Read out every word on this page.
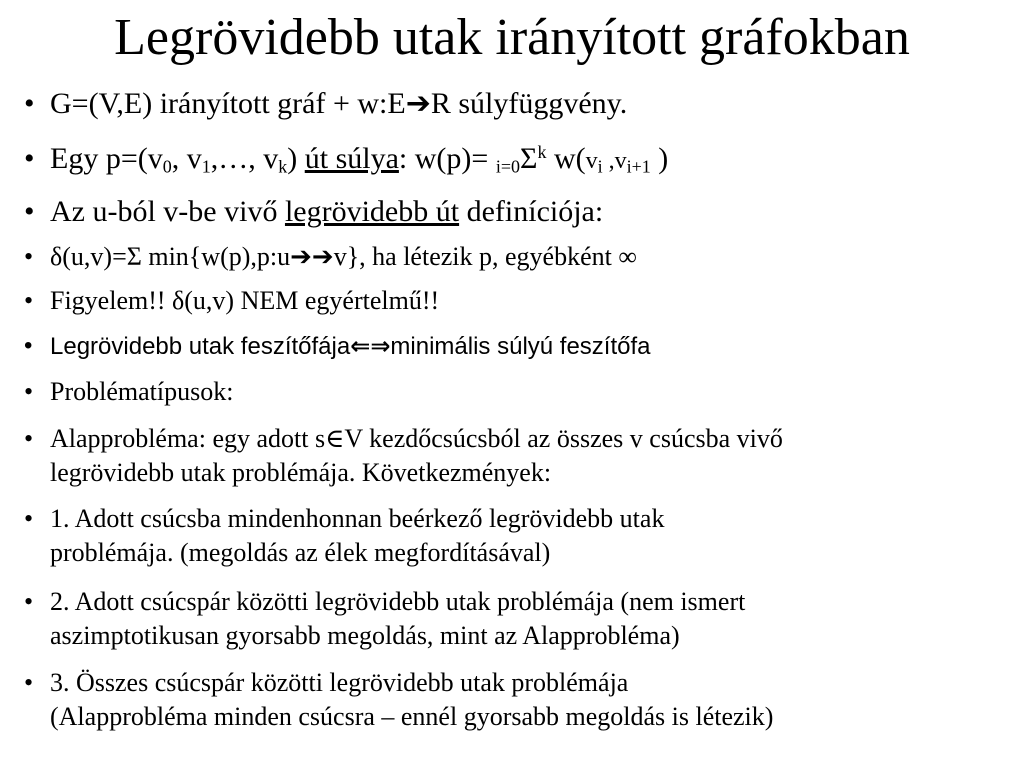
Legrövidebb utak irányított gráfokban
• G=(V,E) irányított gráf + w:E➔R súlyfüggvény.
• Egy $p=(v_0$, $v_1,\dots$, $v_k$) út súlya: $w(p)= _{i=0}\Sigma^k$ $w(v_i$ $,v_{i+1}$ )
• Az u-ból v-be vivő legrövidebb út definíciója:
• δ(u,v)=Σ min{w(p),p:u➔➔v}, ha létezik p, egyébként ∞
• Figyelem!! δ(u,v) NEM egyértelmű!!
• Legrövidebb utak feszítőfája⇐⇒minimális súlyú feszítőfa
• Problématípusok:
• Alapprobléma: egy adott s∈V kezdőcsúcsból az összes v csúcsba vivő
legrövidebb utak problémája. Következmények:
• 1. Adott csúcsba mindenhonnan beérkező legrövidebb utak
problémája. (megoldás az élek megfordításával)
• 2. Adott csúcspár közötti legrövidebb utak problémája (nem ismert
aszimptotikusan gyorsabb megoldás, mint az Alapprobléma)
• 3. Összes csúcspár közötti legrövidebb utak problémája
(Alapprobléma minden csúcsra – ennél gyorsabb megoldás is létezik)
